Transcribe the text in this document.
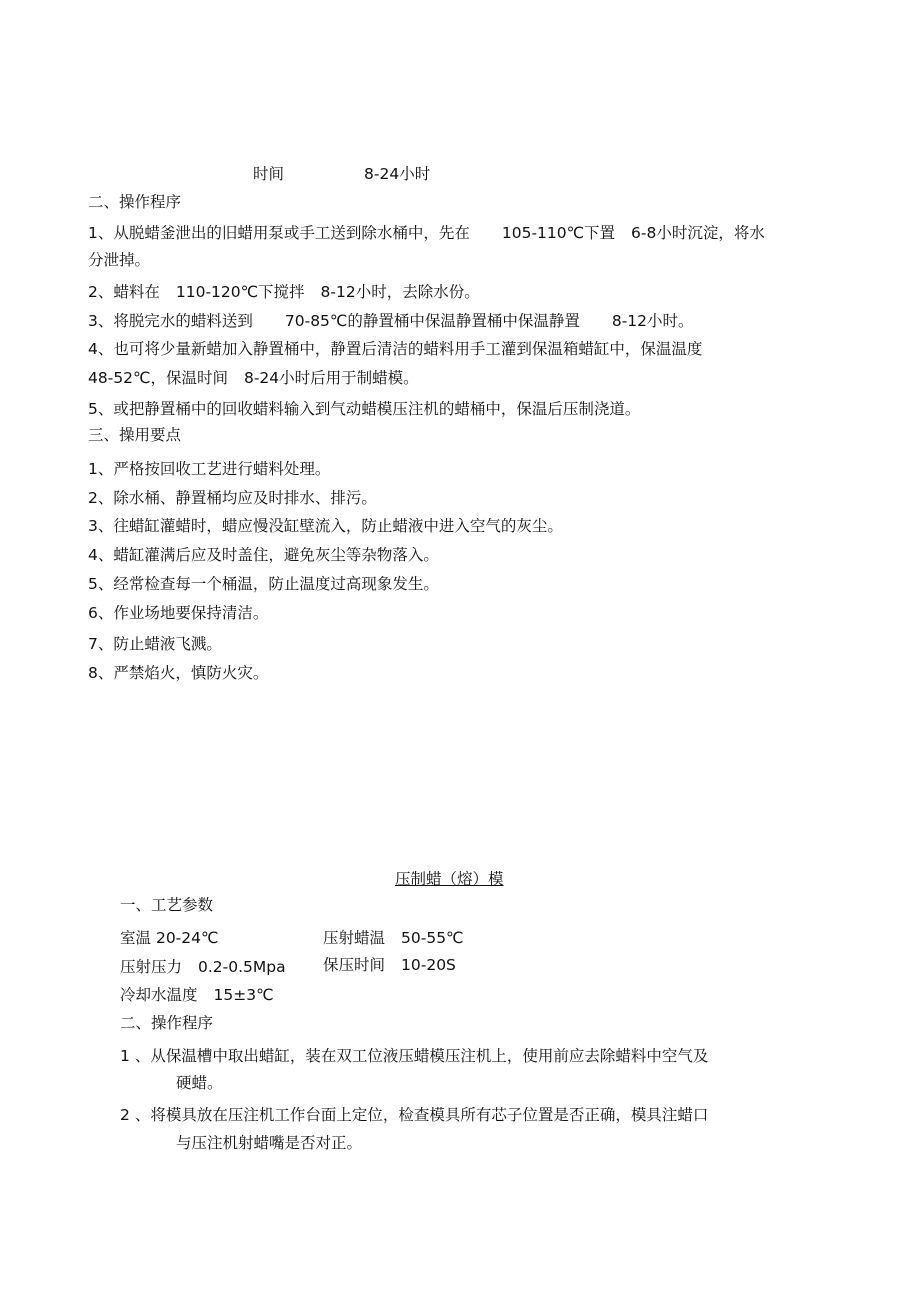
时间	8-24小时
二、操作程序
1、从脱蜡釜泄出的旧蜡用泵或手工送到除水桶中，先在 105-110℃下置 6-8小时沉淀，将水
分泄掉。
2、蜡料在 110-120℃下搅拌 8-12小时，去除水份。
3、将脱完水的蜡料送到 70-85℃的静置桶中保温静置桶中保温静置 8-12小时。
4、也可将少量新蜡加入静置桶中，静置后清洁的蜡料用手工灌到保温箱蜡缸中，保温温度
48-52℃，保温时间 8-24小时后用于制蜡模。
5、或把静置桶中的回收蜡料输入到气动蜡模压注机的蜡桶中，保温后压制浇道。
三、操用要点
1、严格按回收工艺进行蜡料处理。
2、除水桶、静置桶均应及时排水、排污。
3、往蜡缸灌蜡时，蜡应慢没缸壁流入，防止蜡液中进入空气的灰尘。
4、蜡缸灌满后应及时盖住，避免灰尘等杂物落入。
5、经常检查每一个桶温，防止温度过高现象发生。
6、作业场地要保持清洁。
7、防止蜡液飞溅。
8、严禁焰火，慎防火灾。
压制蜡（熔）模
一、工艺参数
室温 20-24℃	压射蜡温 50-55℃
压射压力 0.2-0.5Mpa 保压时间 10-20S
冷却水温度 15±3℃
二、操作程序
1 、从保温槽中取出蜡缸，装在双工位液压蜡模压注机上，使用前应去除蜡料中空气及
硬蜡。
2 、将模具放在压注机工作台面上定位，检查模具所有芯子位置是否正确，模具注蜡口
与压注机射蜡嘴是否对正。
